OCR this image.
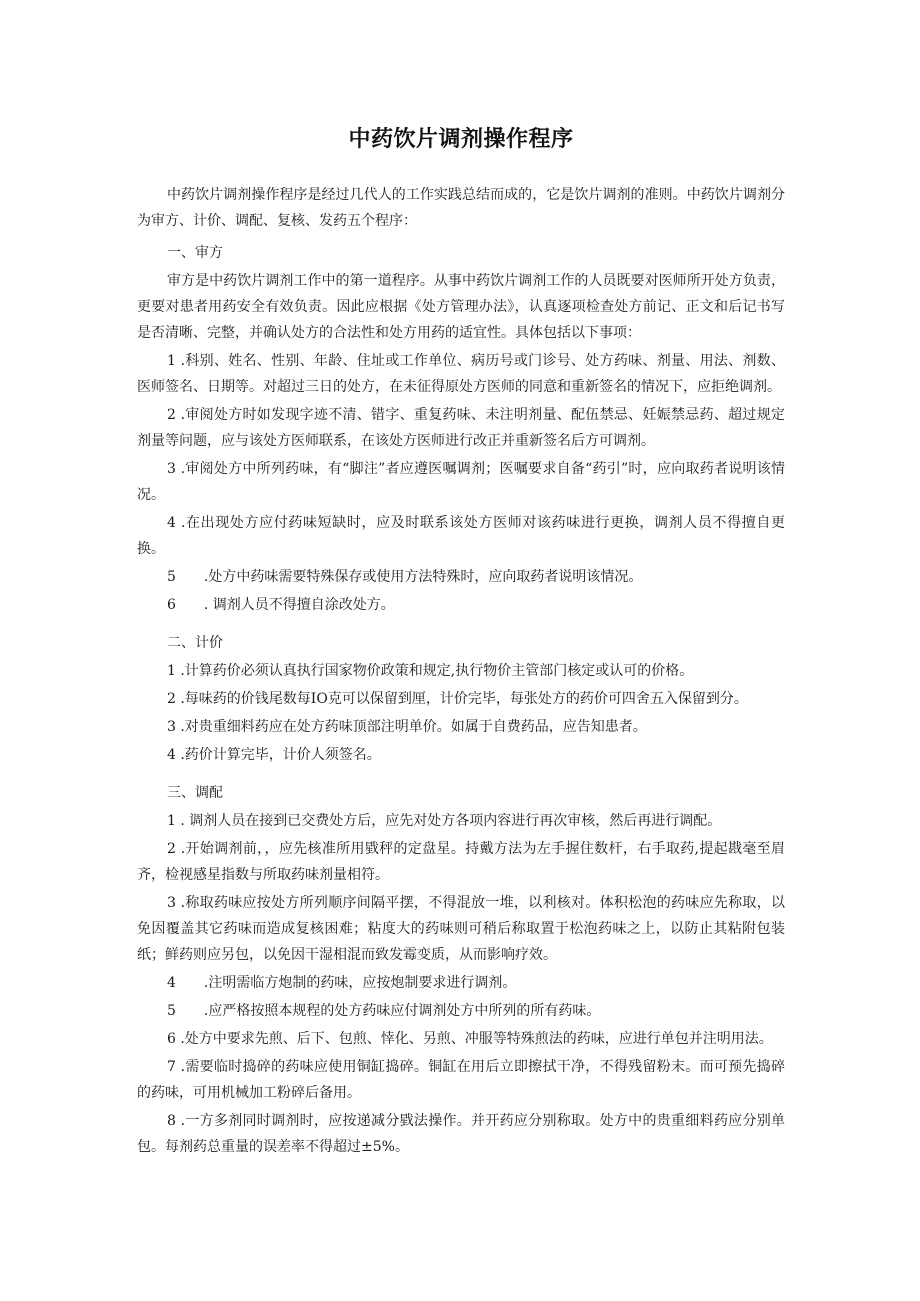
中药饮片调剂操作程序

中药饮片调剂操作程序是经过几代人的工作实践总结而成的，它是饮片调剂的准则。中药饮片调剂分为审方、计价、调配、复核、发药五个程序：

一、审方

审方是中药饮片调剂工作中的第一道程序。从事中药饮片调剂工作的人员既要对医师所开处方负责，更要对患者用药安全有效负责。因此应根据《处方管理办法》，认真逐项检查处方前记、正文和后记书写是否清晰、完整，并确认处方的合法性和处方用药的适宜性。具体包括以下事项：

1 .科别、姓名、性别、年龄、住址或工作单位、病历号或门诊号、处方药味、剂量、用法、剂数、医师签名、日期等。对超过三日的处方，在未征得原处方医师的同意和重新签名的情况下，应拒绝调剂。

2 .审阅处方时如发现字迹不清、错字、重复药味、未注明剂量、配伍禁忌、妊娠禁忌药、超过规定剂量等问题，应与该处方医师联系，在该处方医师进行改正并重新签名后方可调剂。

3 .审阅处方中所列药味，有“脚注”者应遵医嘱调剂；医嘱要求自备“药引”时，应向取药者说明该情况。

4 .在出现处方应付药味短缺时，应及时联系该处方医师对该药味进行更换，调剂人员不得擅自更换。

5　　.处方中药味需要特殊保存或使用方法特殊时，应向取药者说明该情况。

6　　. 调剂人员不得擅自涂改处方。

二、计价

1 .计算药价必须认真执行国家物价政策和规定,执行物价主管部门核定或认可的价格。

2 .每味药的价钱尾数每IO克可以保留到厘，计价完毕，每张处方的药价可四舍五入保留到分。

3 .对贵重细料药应在处方药味顶部注明单价。如属于自费药品，应告知患者。

4 .药价计算完毕，计价人须签名。

三、调配

1 . 调剂人员在接到已交费处方后，应先对处方各项内容进行再次审核，然后再进行调配。

2 .开始调剂前，，应先核准所用戥秤的定盘星。持戴方法为左手握住数杆，右手取药,提起戡毫至眉齐，检视感星指数与所取药味剂量相符。

3 .称取药味应按处方所列顺序间隔平摆，不得混放一堆，以利核对。体积松泡的药味应先称取，以免因覆盖其它药味而造成复核困难；粘度大的药味则可稍后称取置于松泡药味之上，以防止其粘附包装纸；鲜药则应另包，以免因干湿相混而致发霉变质，从而影响疗效。

4　　.注明需临方炮制的药味，应按炮制要求进行调剂。

5　　.应严格按照本规程的处方药味应付调剂处方中所列的所有药味。

6 .处方中要求先煎、后下、包煎、悻化、另煎、冲服等特殊煎法的药味，应进行单包并注明用法。

7 .需要临时捣碎的药味应使用铜缸捣碎。铜缸在用后立即擦拭干净，不得残留粉末。而可预先捣碎的药味，可用机械加工粉碎后备用。

8 .一方多剂同时调剂时，应按递减分戥法操作。并开药应分别称取。处方中的贵重细料药应分别单包。每剂药总重量的误差率不得超过±5%。
